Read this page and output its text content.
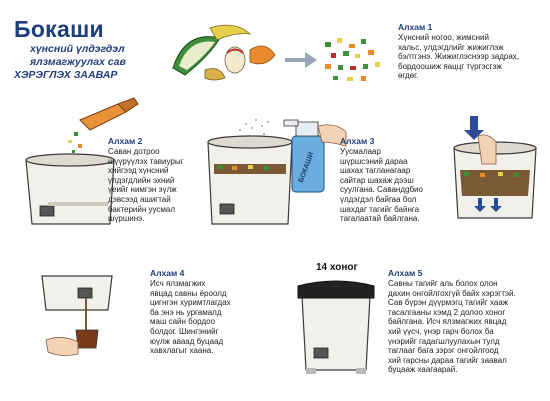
Бокаши
хүнсний үлдэгдэл
ялзмагжуулах сав
ХЭРЭГЛЭХ ЗААВАР
Алхам 1
Хүнсний ногоо, жимсний
хальс, үлдэгдлийг жижиглэж
бэлтгэнэ. Жижиглэснээр задрах,
бордоошиж яаццг түргэсгэж
өгдөг.
Алхам 2
Саван дотроо
шүүрүүлэх тавиурыг
хийгээд хүнсний
үлдэгдлийн эхний
үеийг нимгэн эүлж
дэвсээд ашигтай
бактерийн уусмал
шүршинэ.
БОКАШИ
Алхам 3
Уусмалаар
шүршсэний дараа
шахах тагланагаар
сайтар шахаж дээш
суулгана. Савандgбио
үлдэгдэл байгаа бол
шахдаг тагийг байнга
тагалаатай байлгана.
Алхам 4
Исч ялзмагжих
явцад савны ёроолд
цигнгэн хуримтлагдах
ба энэ нь ургамалд
маш сайн бордоо
болдог. Шингэнийг
юүлж аваад буцаад
хавхлагыг хаана.
14 хоног	Алхам 5
Савны тагийг аль болох олон
дахин онгойлгохгүй байх хэрэгтэй.
Сав бүрэн дүүрмэгц тагийг хааж
тасалгааны хэмд 2 долоо хоног
байлгана. Исч ялзмагжих явцад
хий үүсч, үнэр гарч болох ба
үнэрийг гадагшлуулахын тулд
таглааг бага зэрэг онгойлгоод
хий гарсны дараа тагийг заавал
буцааж хаагаарай.
